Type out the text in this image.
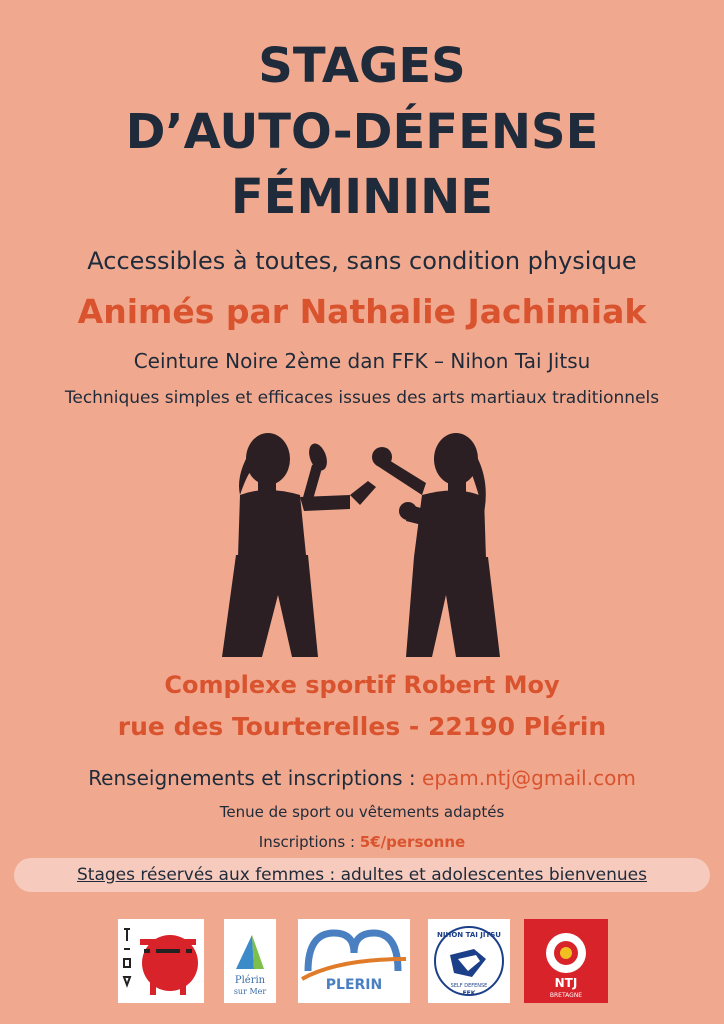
STAGES
D’AUTO-DÉFENSE
FÉMININE
Accessibles à toutes, sans condition physique
Animés par Nathalie Jachimiak
Ceinture Noire 2ème dan FFK – Nihon Tai Jitsu
Techniques simples et efficaces issues des arts martiaux traditionnels
Complexe sportif Robert Moy
rue des Tourterelles - 22190 Plérin
Renseignements et inscriptions : epam.ntj@gmail.com
Tenue de sport ou vêtements adaptés
Inscriptions : 5€/personne
Stages réservés aux femmes : adultes et adolescentes bienvenues
Plérin
sur Mer	PLERIN
NIHON TAI JITSU
SELF DEFENSE
FFK
NTJ
BRETAGNE
